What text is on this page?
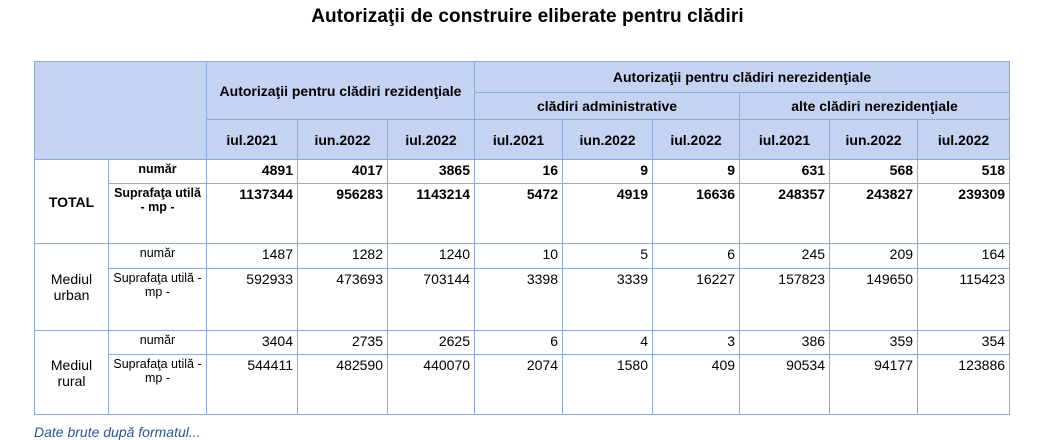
Autorizaţii de construire eliberate pentru clădiri
		Autorizaţii pentru clădiri rezidenţiale			Autorizaţii pentru clădiri nerezidenţiale					
					clădiri administrative			alte clădiri nerezidenţiale		
		iul.2021	iun.2022	iul.2022	iul.2021	iun.2022	iul.2022	iul.2021	iun.2022	iul.2022
TOTAL	număr	4891	4017	3865	16	9	9	631	568	518
	Suprafaţa utilă - mp -	1137344	956283	1143214	5472	4919	16636	248357	243827	239309
Mediul urban	număr	1487	1282	1240	10	5	6	245	209	164
	Suprafaţa utilă - mp -	592933	473693	703144	3398	3339	16227	157823	149650	115423
Mediul rural	număr	3404	2735	2625	6	4	3	386	359	354
	Suprafaţa utilă - mp -	544411	482590	440070	2074	1580	409	90534	94177	123886
Date brute după formatul...
